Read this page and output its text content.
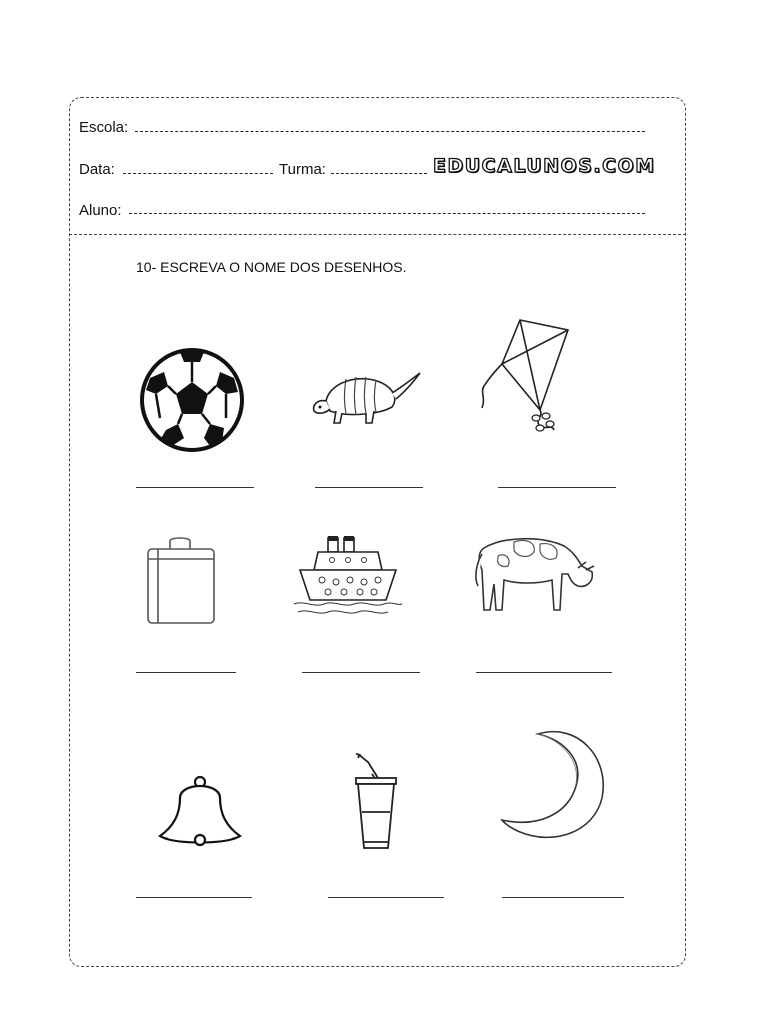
Escola:
Data:	Turma:	EDUCALUNOS.COM
Aluno:
10- ESCREVA O NOME DOS DESENHOS.
